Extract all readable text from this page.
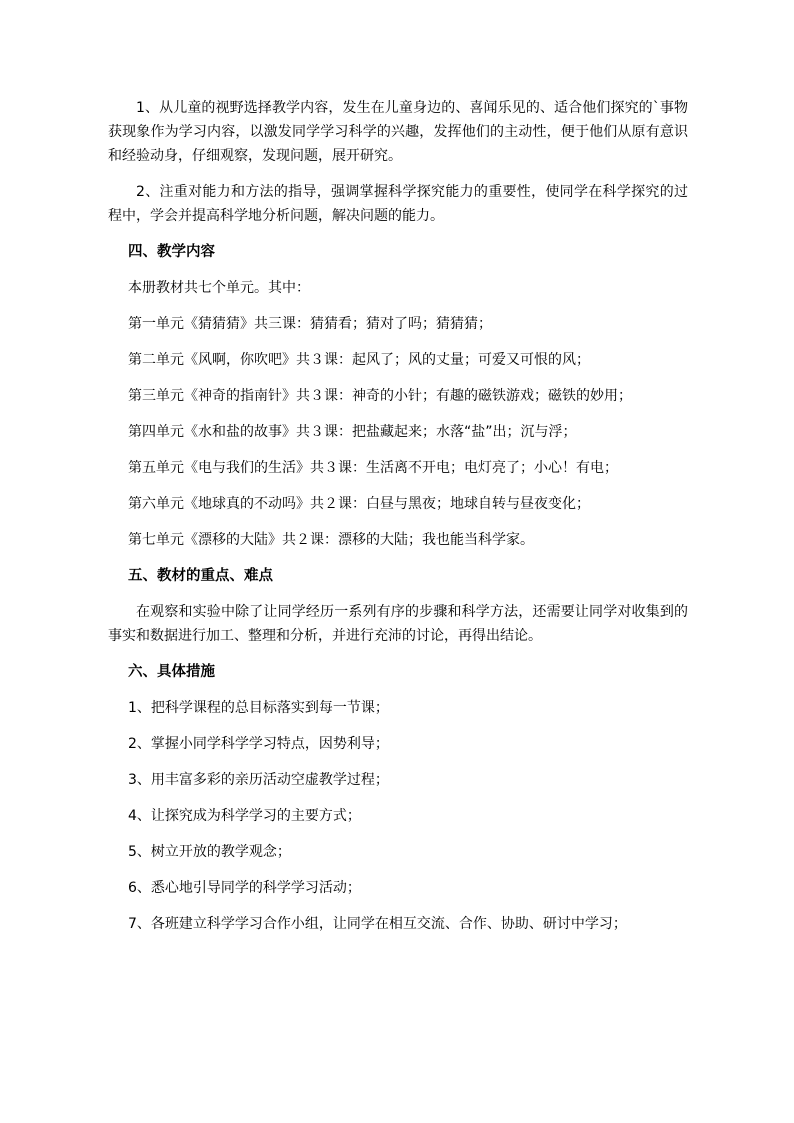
1、从儿童的视野选择教学内容，发生在儿童身边的、喜闻乐见的、适合他们探究的`事物获现象作为学习内容，以激发同学学习科学的兴趣，发挥他们的主动性，便于他们从原有意识和经验动身，仔细观察，发现问题，展开研究。

2、注重对能力和方法的指导，强调掌握科学探究能力的重要性，使同学在科学探究的过程中，学会并提高科学地分析问题，解决问题的能力。

四、教学内容

本册教材共七个单元。其中：

第一单元《猜猜猜》共三课：猜猜看；猜对了吗；猜猜猜；

第二单元《风啊，你吹吧》共３课：起风了；风的丈量；可爱又可恨的风；

第三单元《神奇的指南针》共３课：神奇的小针；有趣的磁铁游戏；磁铁的妙用；

第四单元《水和盐的故事》共３课：把盐藏起来；水落“盐”出；沉与浮；

第五单元《电与我们的生活》共３课：生活离不开电；电灯亮了；小心！有电；

第六单元《地球真的不动吗》共２课：白昼与黑夜；地球自转与昼夜变化；

第七单元《漂移的大陆》共２课：漂移的大陆；我也能当科学家。

五、教材的重点、难点

在观察和实验中除了让同学经历一系列有序的步骤和科学方法，还需要让同学对收集到的事实和数据进行加工、整理和分析，并进行充沛的讨论，再得出结论。

六、具体措施

1、把科学课程的总目标落实到每一节课；

2、掌握小同学科学学习特点，因势利导；

3、用丰富多彩的亲历活动空虚教学过程；

4、让探究成为科学学习的主要方式；

5、树立开放的教学观念；

6、悉心地引导同学的科学学习活动；

7、各班建立科学学习合作小组，让同学在相互交流、合作、协助、研讨中学习；
